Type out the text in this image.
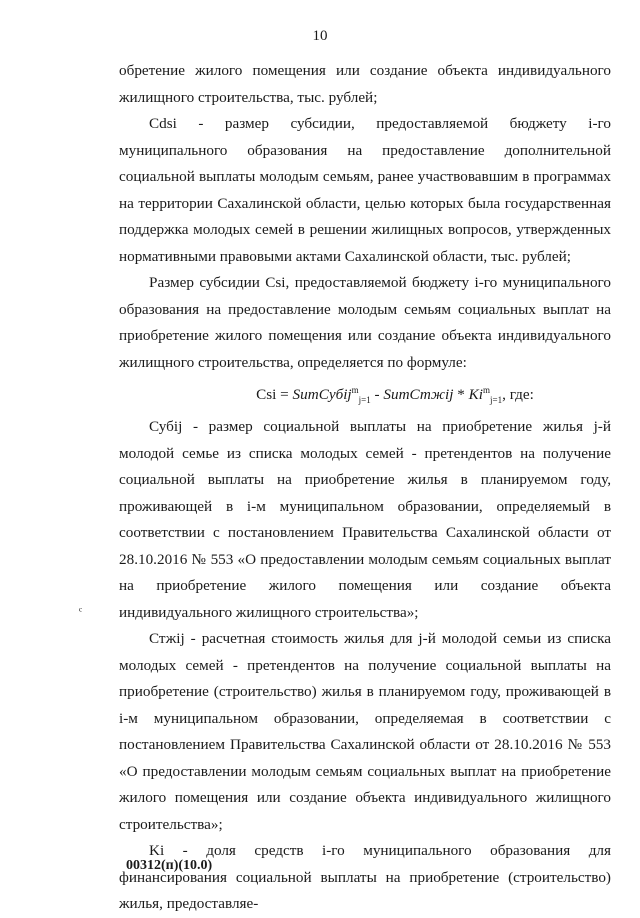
10

обретение жилого помещения или создание объекта индивидуального жилищного строительства, тыс. рублей;

Cdsi - размер субсидии, предоставляемой бюджету i-го муниципального образования на предоставление дополнительной социальной выплаты молодым семьям, ранее участвовавшим в программах на территории Сахалинской области, целью которых была государственная поддержка молодых семей в решении жилищных вопросов, утвержденных нормативными правовыми актами Сахалинской области, тыс. рублей;

Размер субсидии Csi, предоставляемой бюджету i-го муниципального образования на предоставление молодым семьям социальных выплат на приобретение жилого помещения или создание объекта индивидуального жилищного строительства, определяется по формуле:

Csi = SumСубij$^m_{j=1}$ - SumСтжij * $Ki^m_{j=1}$, где:

Субij - размер социальной выплаты на приобретение жилья j-й молодой семье из списка молодых семей - претендентов на получение социальной выплаты на приобретение жилья в планируемом году, проживающей в i-м муниципальном образовании, определяемый в соответствии с постановлением Правительства Сахалинской области от 28.10.2016 № 553 «О предоставлении молодым семьям социальных выплат на приобретение жилого помещения или создание объекта индивидуального жилищного строительства»;

Стжij - расчетная стоимость жилья для j-й молодой семьи из списка молодых семей - претендентов на получение социальной выплаты на приобретение (строительство) жилья в планируемом году, проживающей в i-м муниципальном образовании, определяемая в соответствии с постановлением Правительства Сахалинской области от 28.10.2016 № 553 «О предоставлении молодым семьям социальных выплат на приобретение жилого помещения или создание объекта индивидуального жилищного строительства»;

Ki - доля средств i-го муниципального образования для финансирования социальной выплаты на приобретение (строительство) жилья, предоставляе-

ᶜ
00312(п)(10.0)
